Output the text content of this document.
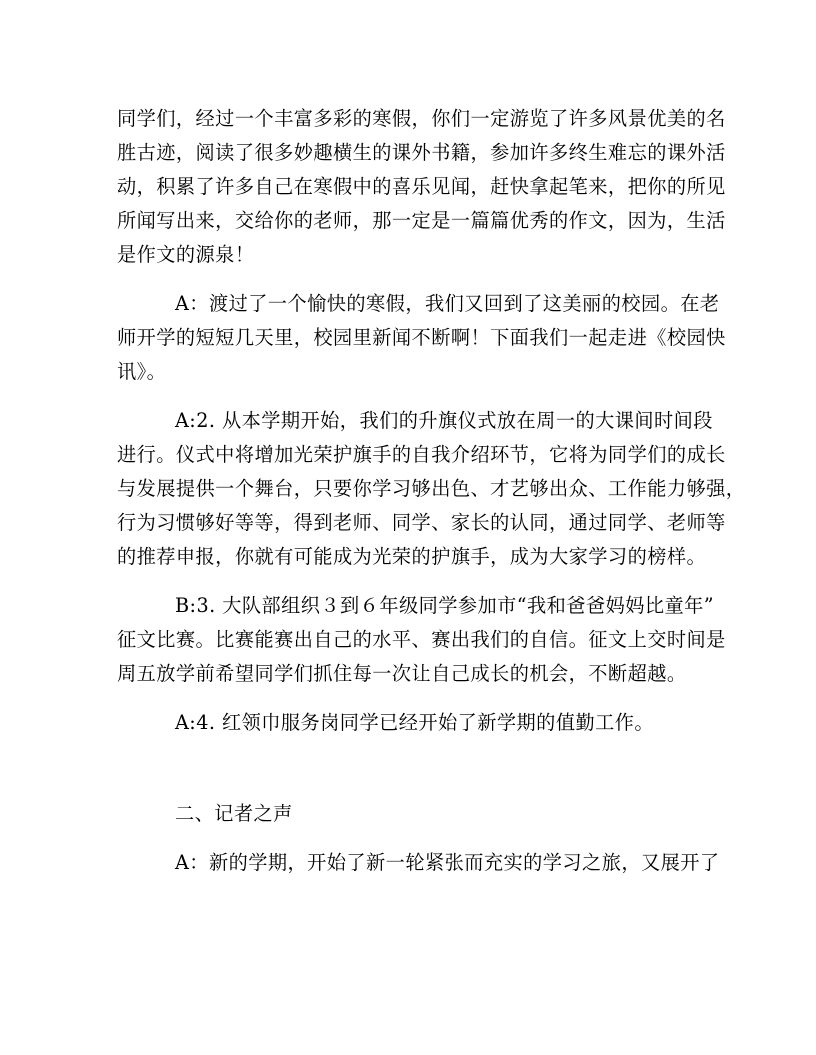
同学们，经过一个丰富多彩的寒假，你们一定游览了许多风景优美的名
胜古迹，阅读了很多妙趣横生的课外书籍，参加许多终生难忘的课外活
动，积累了许多自己在寒假中的喜乐见闻，赶快拿起笔来，把你的所见
所闻写出来，交给你的老师，那一定是一篇篇优秀的作文，因为，生活
是作文的源泉！
A：渡过了一个愉快的寒假，我们又回到了这美丽的校园。在老
师开学的短短几天里，校园里新闻不断啊！下面我们一起走进《校园快
讯》。
A:2. 从本学期开始，我们的升旗仪式放在周一的大课间时间段
进行。仪式中将增加光荣护旗手的自我介绍环节，它将为同学们的成长
与发展提供一个舞台，只要你学习够出色、才艺够出众、工作能力够强，
行为习惯够好等等，得到老师、同学、家长的认同，通过同学、老师等
的推荐申报，你就有可能成为光荣的护旗手，成为大家学习的榜样。
B:3. 大队部组织３到６年级同学参加市“我和爸爸妈妈比童年”
征文比赛。比赛能赛出自己的水平、赛出我们的自信。征文上交时间是
周五放学前希望同学们抓住每一次让自己成长的机会，不断超越。
A:4. 红领巾服务岗同学已经开始了新学期的值勤工作。
二、记者之声
A：新的学期，开始了新一轮紧张而充实的学习之旅，又展开了
